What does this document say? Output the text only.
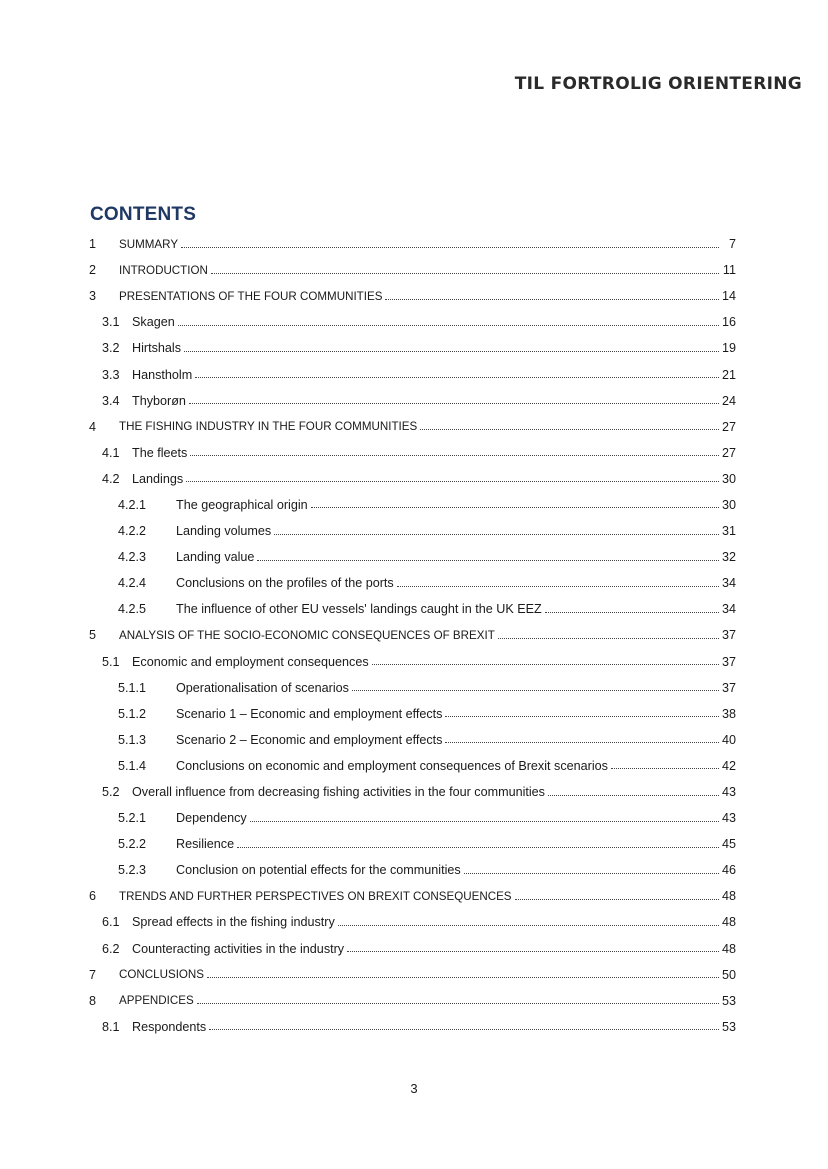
TIL FORTROLIG ORIENTERING
CONTENTS
1	SUMMARY	7
2	INTRODUCTION	11
3	PRESENTATIONS OF THE FOUR COMMUNITIES	14
3.1 Skagen	16
3.2 Hirtshals	19
3.3 Hanstholm	21
3.4 Thyborøn	24
4	THE FISHING INDUSTRY IN THE FOUR COMMUNITIES	27
4.1 The fleets	27
4.2 Landings	30
4.2.1	The geographical origin	30
4.2.2	Landing volumes	31
4.2.3	Landing value	32
4.2.4	Conclusions on the profiles of the ports	34
4.2.5	The influence of other EU vessels' landings caught in the UK EEZ	34
5	ANALYSIS OF THE SOCIO-ECONOMIC CONSEQUENCES OF BREXIT	37
5.1 Economic and employment consequences	37
5.1.1	Operationalisation of scenarios	37
5.1.2	Scenario 1 – Economic and employment effects	38
5.1.3	Scenario 2 – Economic and employment effects	40
5.1.4	Conclusions on economic and employment consequences of Brexit scenarios	42
5.2 Overall influence from decreasing fishing activities in the four communities	43
5.2.1	Dependency	43
5.2.2	Resilience	45
5.2.3	Conclusion on potential effects for the communities	46
6	TRENDS AND FURTHER PERSPECTIVES ON BREXIT CONSEQUENCES	48
6.1 Spread effects in the fishing industry	48
6.2 Counteracting activities in the industry	48
7	CONCLUSIONS	50
8	APPENDICES	53
8.1 Respondents	53
3
